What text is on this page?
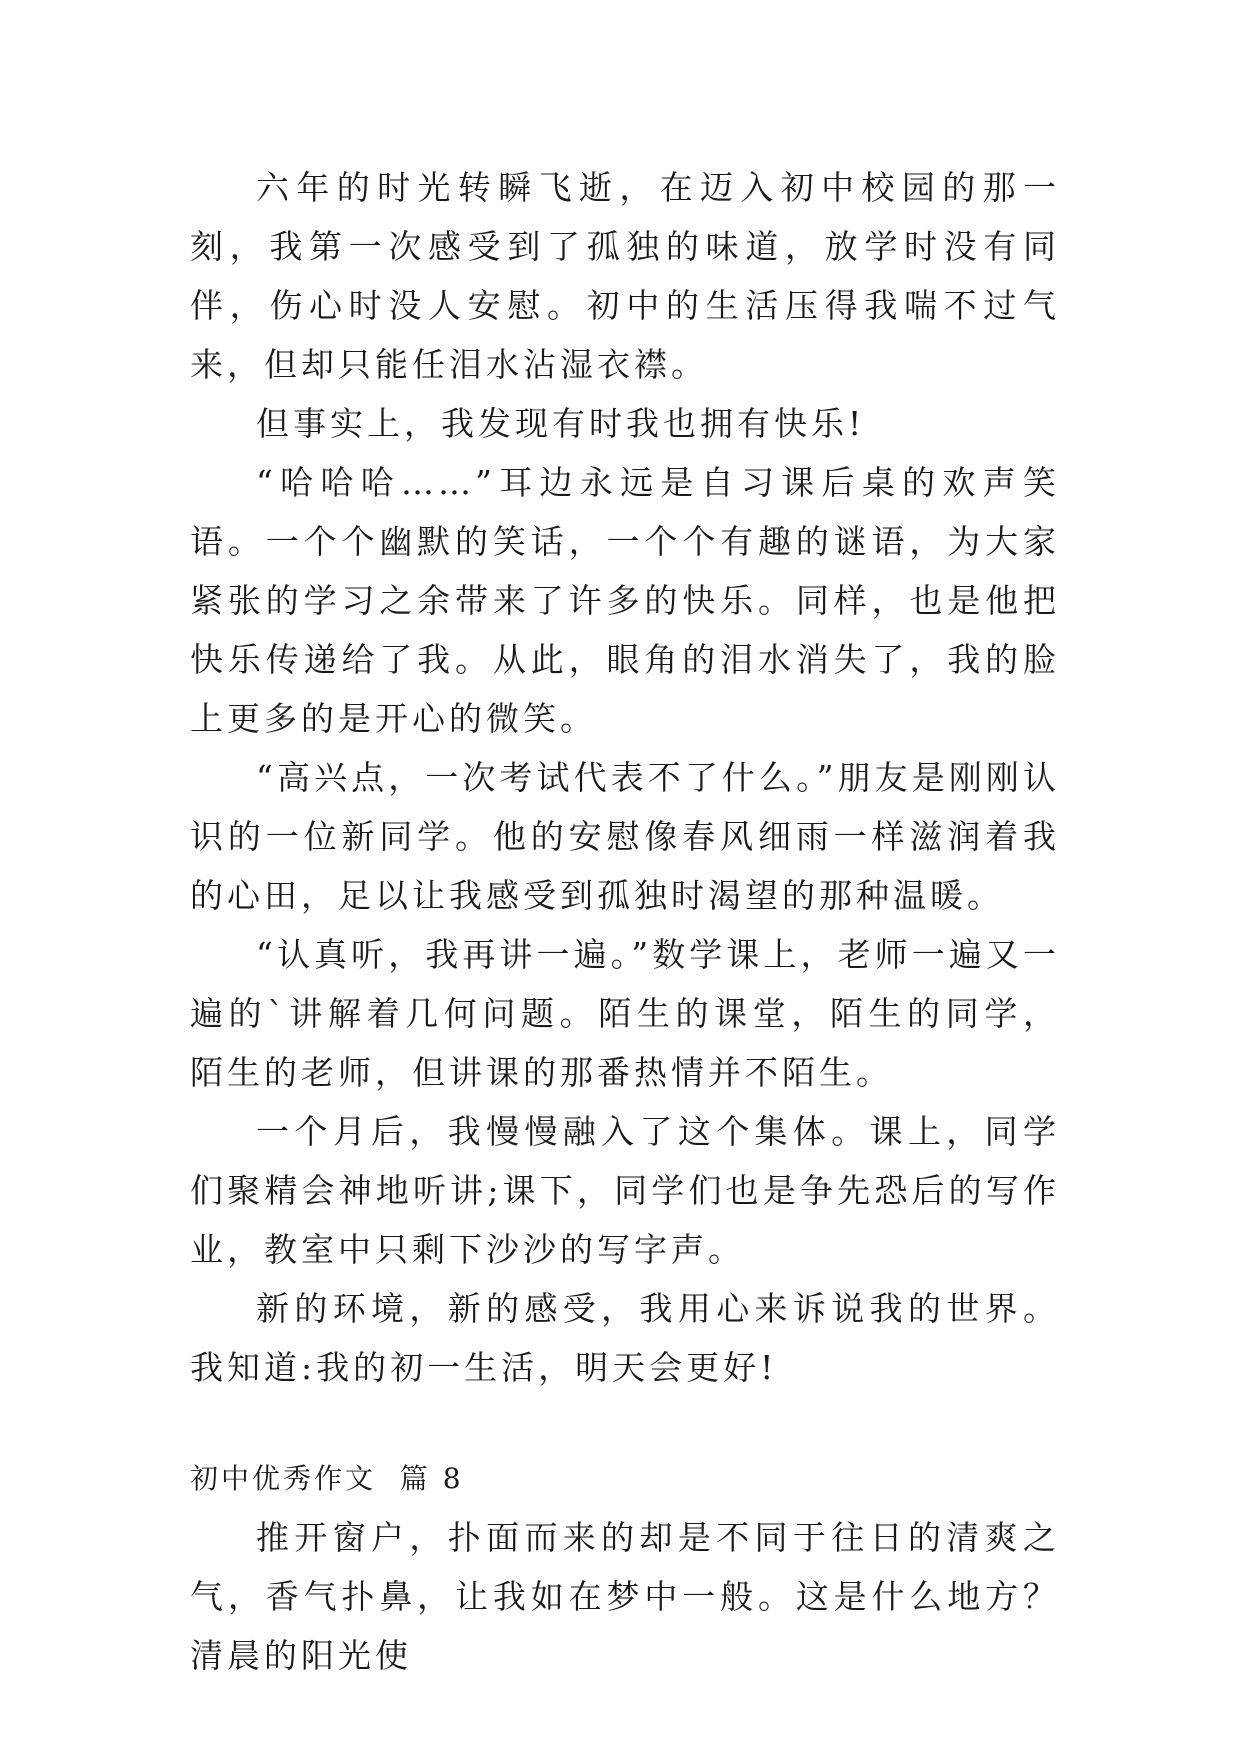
六年的时光转瞬飞逝，在迈入初中校园的那一刻，我第一次感受到了孤独的味道，放学时没有同伴，伤心时没人安慰。初中的生活压得我喘不过气来，但却只能任泪水沾湿衣襟。

但事实上，我发现有时我也拥有快乐!

“哈哈哈……”耳边永远是自习课后桌的欢声笑语。一个个幽默的笑话，一个个有趣的谜语，为大家紧张的学习之余带来了许多的快乐。同样，也是他把快乐传递给了我。从此，眼角的泪水消失了，我的脸上更多的是开心的微笑。

“高兴点，一次考试代表不了什么。”朋友是刚刚认识的一位新同学。他的安慰像春风细雨一样滋润着我的心田，足以让我感受到孤独时渴望的那种温暖。

“认真听，我再讲一遍。”数学课上，老师一遍又一遍的`讲解着几何问题。陌生的课堂，陌生的同学，陌生的老师，但讲课的那番热情并不陌生。

一个月后，我慢慢融入了这个集体。课上，同学们聚精会神地听讲;课下，同学们也是争先恐后的写作业，教室中只剩下沙沙的写字声。

新的环境，新的感受，我用心来诉说我的世界。我知道:我的初一生活，明天会更好!

初中优秀作文  篇 8

推开窗户，扑面而来的却是不同于往日的清爽之气，香气扑鼻，让我如在梦中一般。这是什么地方？清晨的阳光使
